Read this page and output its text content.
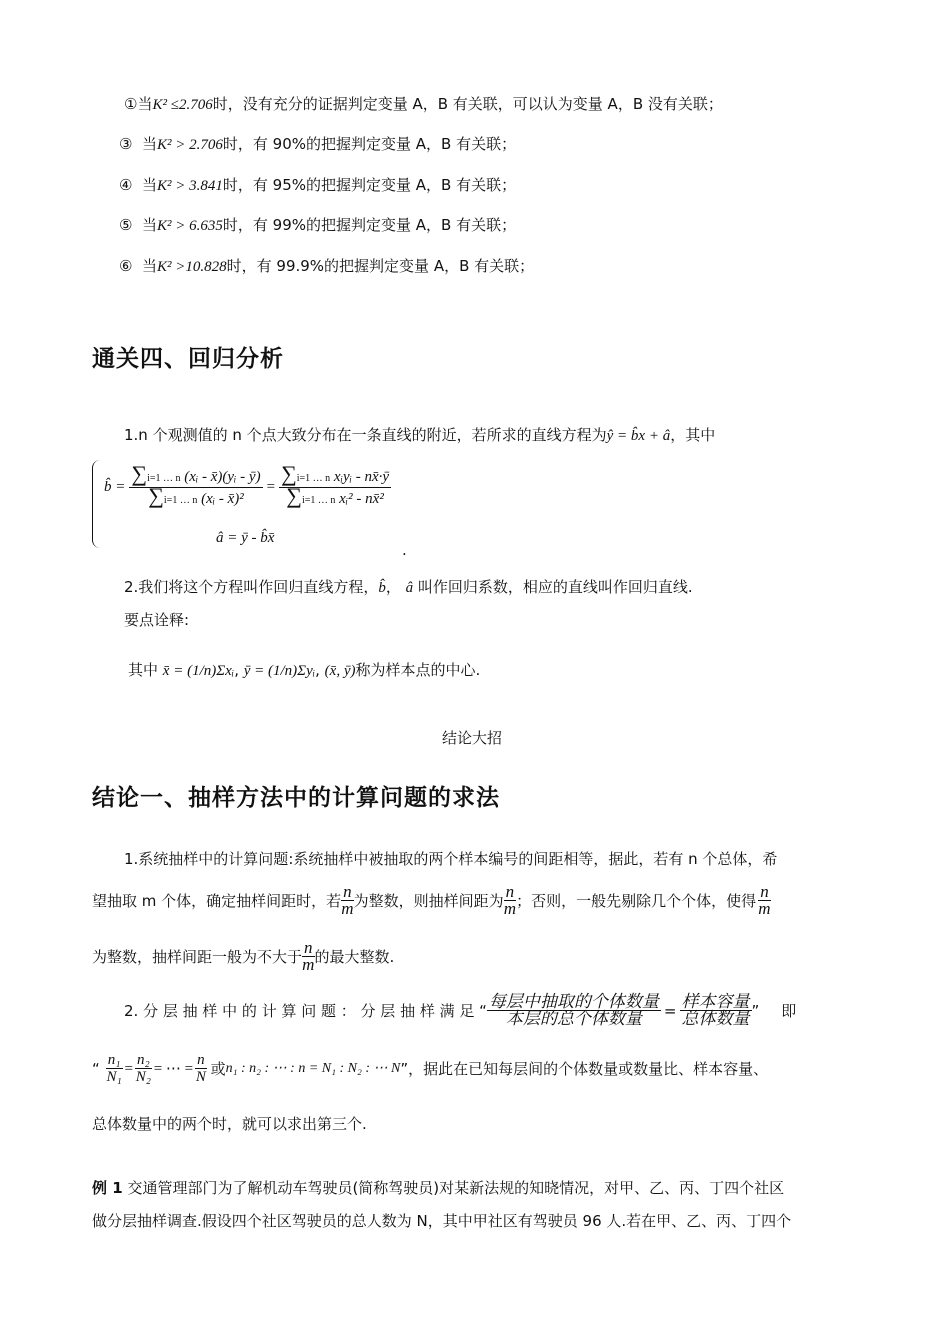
①当K² ≤2.706时，没有充分的证据判定变量 A，B 有关联，可以认为变量 A，B 没有关联；
③ 当K² > 2.706时，有 90%的把握判定变量 A，B 有关联；
④ 当K² > 3.841时，有 95%的把握判定变量 A，B 有关联；
⑤ 当K² > 6.635时，有 99%的把握判定变量 A，B 有关联；
⑥ 当K² >10.828时，有 99.9%的把握判定变量 A，B 有关联；
通关四、回归分析
1.n 个观测值的 n 个点大致分布在一条直线的附近，若所求的直线方程为ŷ = b̂x + â，其中
b̂ = $\frac{\text{∑i=1 … n (xᵢ - x̄)(yᵢ - ȳ)}}{\text{∑i=1 … n (xᵢ - x̄)²}} = \frac{\text{∑i=1 … n xᵢyᵢ - nx̄·ȳ}}{\text{∑i=1 … n xᵢ² - nx̄²}}$
â = ȳ - b̂x̄
.
2.我们将这个方程叫作回归直线方程，b̂， â 叫作回归系数，相应的直线叫作回归直线.
要点诠释:
其中 x̄ = (1/n)Σxᵢ, ȳ = (1/n)Σyᵢ, (x̄, ȳ)称为样本点的中心.
结论大招
结论一、抽样方法中的计算问题的求法
1.系统抽样中的计算问题:系统抽样中被抽取的两个样本编号的间距相等，据此，若有 n 个总体，希
望抽取 m 个体，确定抽样间距时，若 $\frac{n}{m}$ 为整数，则抽样间距为 $\frac{n}{m}$ ；否则，一般先剔除几个个体，使得 $\frac{n}{m}$
为整数，抽样间距一般为不大于 $\frac{n}{m}$ 的最大整数.
2. 分 层 抽 样 中 的 计 算 问 题 ： 分 层 抽 样 满 足 “ $\frac{\text{每层中抽取的个体数量}}{\text{本层的总个体数量}} = \frac{\text{样本容量}}{\text{总体数量}}$ ” 即
“ $\frac{\text{n₁}}{\text{N₁}} = \frac{\text{n₂}}{\text{N₂}}$ = ⋯ = $\frac{n}{N}$ 或 n₁ : n₂ : ⋯ : n = N₁ : N₂ : ⋯ N ”，据此在已知每层间的个体数量或数量比、样本容量、
总体数量中的两个时，就可以求出第三个.
例 1 交通管理部门为了解机动车驾驶员(简称驾驶员)对某新法规的知晓情况，对甲、乙、丙、丁四个社区
做分层抽样调查.假设四个社区驾驶员的总人数为 N，其中甲社区有驾驶员 96 人.若在甲、乙、丙、丁四个
